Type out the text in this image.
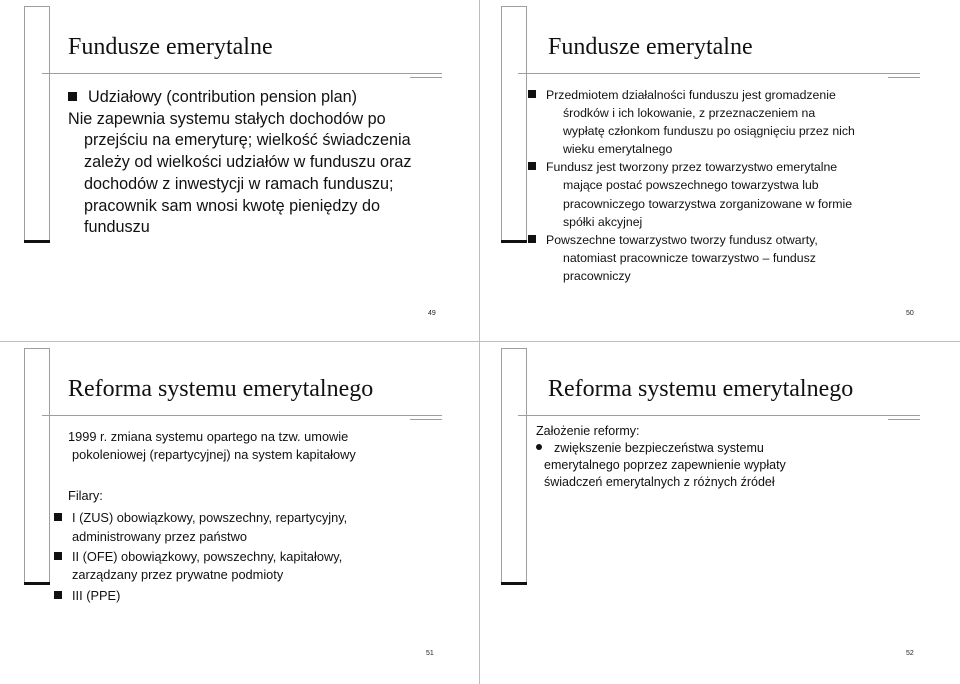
Fundusze emerytalne
Udziałowy (contribution pension plan)
Nie zapewnia systemu stałych dochodów po
przejściu na emeryturę; wielkość świadczenia
zależy od wielkości udziałów w funduszu oraz
dochodów z inwestycji w ramach funduszu;
pracownik sam wnosi kwotę pieniędzy do
funduszu
49
Fundusze emerytalne
Przedmiotem działalności funduszu jest gromadzenie
środków i ich lokowanie, z przeznaczeniem na
wypłatę członkom funduszu po osiągnięciu przez nich
wieku emerytalnego
Fundusz jest tworzony przez towarzystwo emerytalne
mające postać powszechnego towarzystwa lub
pracowniczego towarzystwa zorganizowane w formie
spółki akcyjnej
Powszechne towarzystwo tworzy fundusz otwarty,
natomiast pracownicze towarzystwo – fundusz
pracowniczy
50
Reforma systemu emerytalnego
1999 r. zmiana systemu opartego na tzw. umowie
pokoleniowej (repartycyjnej) na system kapitałowy
Filary:
I (ZUS) obowiązkowy, powszechny, repartycyjny,
administrowany przez państwo
II (OFE) obowiązkowy, powszechny, kapitałowy,
zarządzany przez prywatne podmioty
III (PPE)
51
Reforma systemu emerytalnego
Założenie reformy:
zwiększenie bezpieczeństwa systemu
emerytalnego poprzez zapewnienie wypłaty
świadczeń emerytalnych z różnych źródeł
52
